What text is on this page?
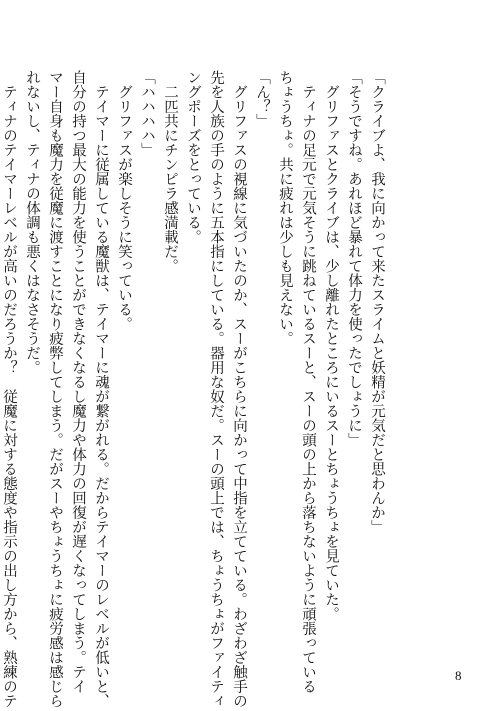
「クライブよ、我に向かって来たスライムと妖精が元気だと思わんか」
「そうですね。あれほど暴れて体力を使ったでしょうに」
　グリファスとクライブは、少し離れたところにいるスーとちょうちょを見ていた。
　ティナの足元で元気そうに跳ねているスーと、スーの頭の上から落ちないように頑張っている
ちょうちょ。共に疲れは少しも見えない。
「ん？」
　グリファスの視線に気づいたのか、スーがこちらに向かって中指を立てている。わざわざ触手の
先を人族の手のように五本指にしている。器用な奴だ。スーの頭上では、ちょうちょがファイティ
ングポーズをとっている。
　二匹共にチンピラ感満載だ。
「ハハハハ」
　グリファスが楽しそうに笑っている。
　テイマーに従属している魔獣は、テイマーに魂が繋がれる。だからテイマーのレベルが低いと、
自分の持つ最大の能力を使うことができなくなるし魔力や体力の回復が遅くなってしまう。テイ
マー自身も魔力を従魔に渡すことになり疲弊してしまう。だがスーやちょうちょに疲労感は感じら
れないし、ティナの体調も悪くはなさそうだ。
　ティナのテイマーレベルが高いのだろうか？　従魔に対する態度や指示の出し方から、熟練のテ	8
